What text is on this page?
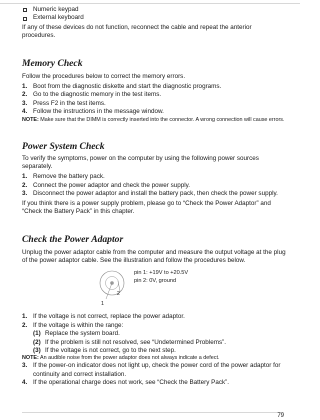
Numeric keypad
External keyboard

If any of these devices do not function, reconnect the cable and repeat the anterior procedures.

Memory Check

Follow the procedures below to correct the memory errors.

1. Boot from the diagnostic diskette and start the diagnostic programs.
2. Go to the diagnostic memory in the test items.
3. Press F2 in the test items.
4. Follow the instructions in the message window.
NOTE: Make sure that the DIMM is correctly inserted into the connector. A wrong connection will cause errors.
Power System Check

To verify the symptoms, power on the computer by using the following power sources separately.

1. Remove the battery pack.
2. Connect the power adaptor and check the power supply.
3. Disconnect the power adaptor and install the battery pack, then check the power supply.

If you think there is a power supply problem, please go to “Check the Power Adaptor” and “Check the Battery Pack” in this chapter.

Check the Power Adaptor

Unplug the power adaptor cable from the computer and measure the output voltage at the plug of the power adaptor cable. See the illustration and follow the procedures below.

pin 1: +19V to +20.5V
pin 2: 0V, ground
1
2
1. If the voltage is not correct, replace the power adaptor.
2. If the voltage is within the range:
(1) Replace the system board.
(2) If the problem is still not resolved, see “Undetermined Problems”.
(3) If the voltage is not correct, go to the next step.
NOTE: An audible noise from the power adaptor does not always indicate a defect.
3. If the power-on indicator does not light up, check the power cord of the power adaptor for continuity and correct installation.
4. If the operational charge does not work, see “Check the Battery Pack”.
79
